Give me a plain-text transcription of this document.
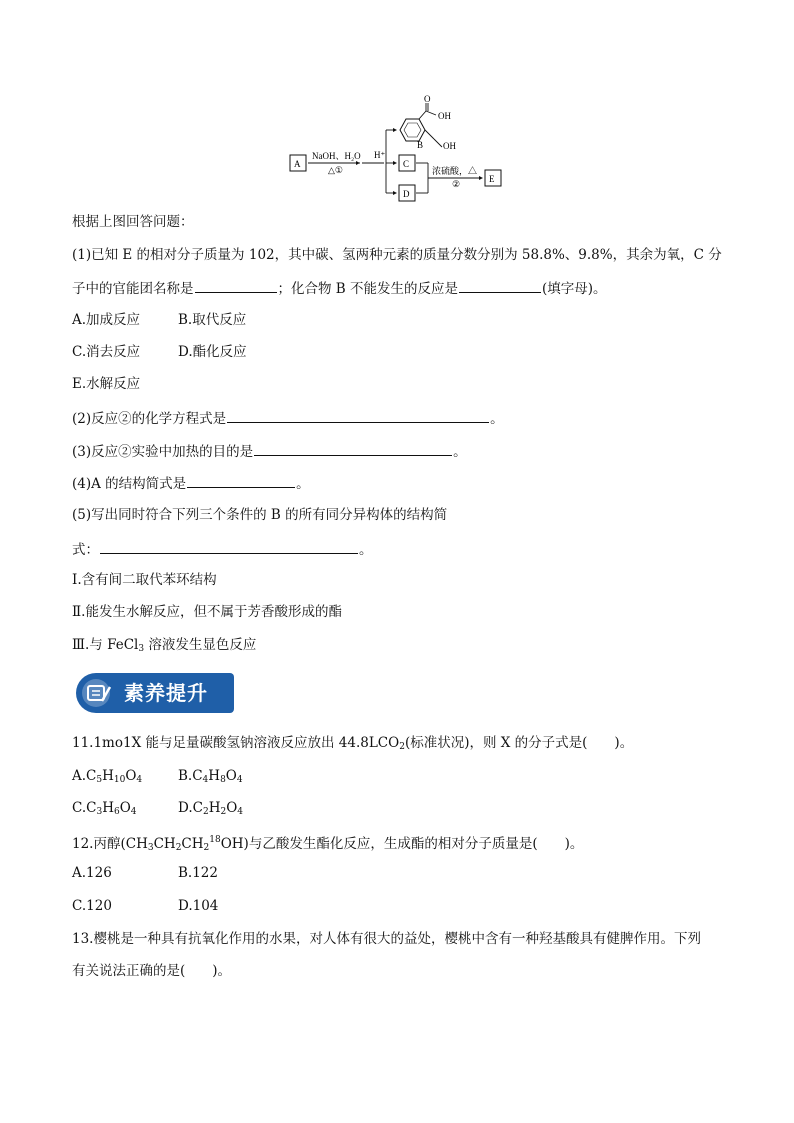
A
NaOH、H₂O
△①
H⁺
O
OH
B OH
C
D
浓硫酸，△
②	E
根据上图回答问题：
(1)已知 E 的相对分子质量为 102，其中碳、氢两种元素的质量分数分别为 58.8%、9.8%，其余为氧，C 分
子中的官能团名称是	；化合物 B 不能发生的反应是	(填字母)。
A.加成反应	B.取代反应
C.消去反应	D.酯化反应
E.水解反应
(2)反应②的化学方程式是	。
(3)反应②实验中加热的目的是	。
(4)A 的结构简式是	。
(5)写出同时符合下列三个条件的 B 的所有同分异构体的结构简
式：	。
Ⅰ.含有间二取代苯环结构
Ⅱ.能发生水解反应，但不属于芳香酸形成的酯
Ⅲ.与 FeCl$_3$ 溶液发生显色反应
素养提升
11.1mo1X 能与足量碳酸氢钠溶液反应放出 $44.8LCO_2$(标准状况)，则 X 的分子式是(　　)。
$A.C_5H_{10}O_4$	$B.C_4H_8O_4$
$C.C_3H_6O_4$	$D.C_2H_2O_4$
12.丙醇$(CH_3CH_2CH_2^{18}OH)$与乙酸发生酯化反应，生成酯的相对分子质量是(　　)。
A.126	B.122
C.120	D.104
13.樱桃是一种具有抗氧化作用的水果，对人体有很大的益处，樱桃中含有一种羟基酸具有健脾作用。下列
有关说法正确的是(　　)。
